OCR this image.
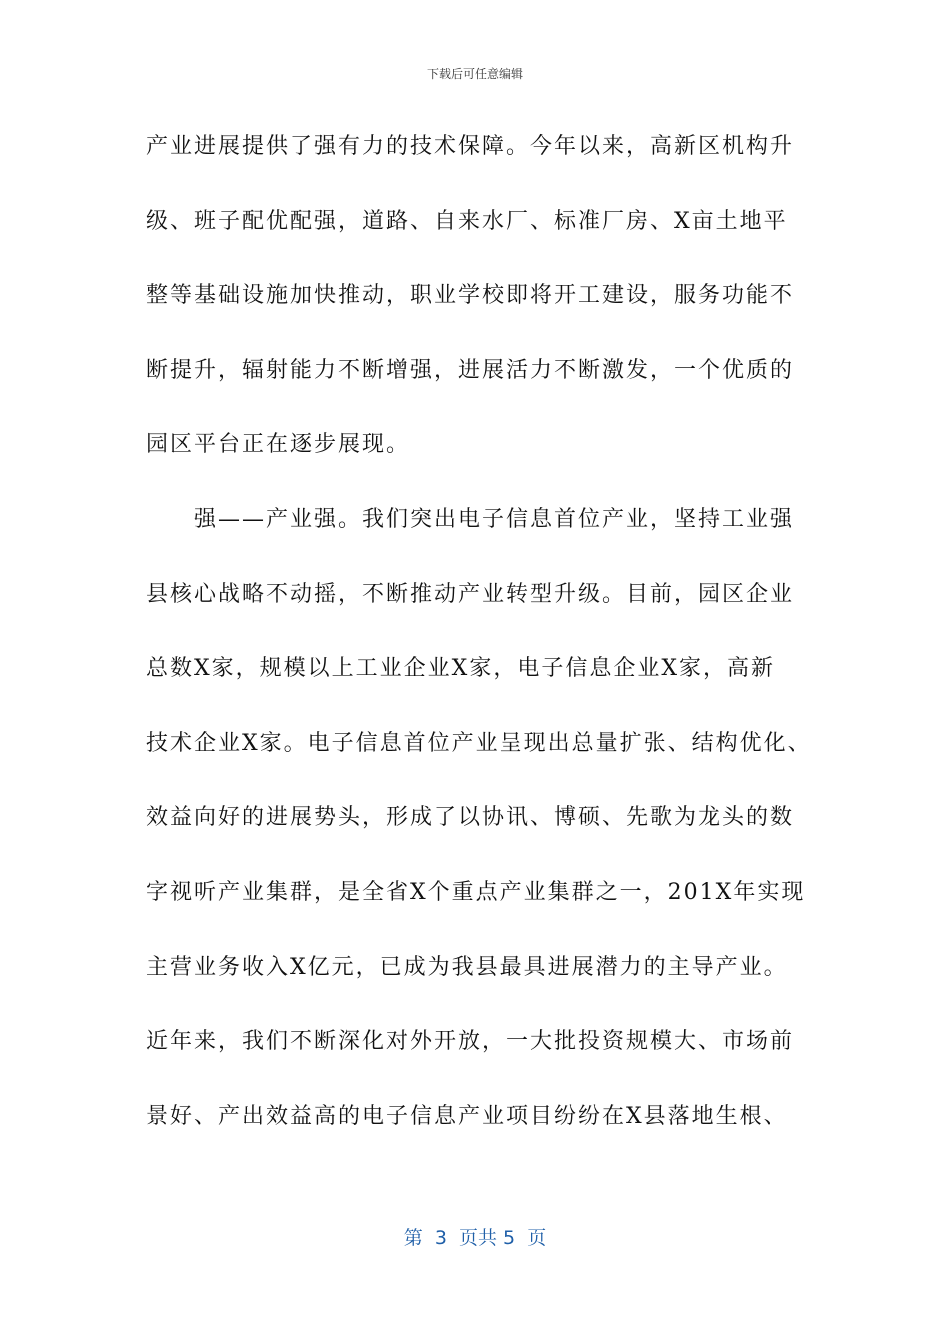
下载后可任意编辑
产业进展提供了强有力的技术保障。今年以来，高新区机构升
级、班子配优配强，道路、自来水厂、标准厂房、X亩土地平
整等基础设施加快推动，职业学校即将开工建设，服务功能不
断提升，辐射能力不断增强，进展活力不断激发，一个优质的
园区平台正在逐步展现。
强——产业强。我们突出电子信息首位产业，坚持工业强
县核心战略不动摇，不断推动产业转型升级。目前，园区企业
总数X家，规模以上工业企业X家，电子信息企业X家，高新
技术企业X家。电子信息首位产业呈现出总量扩张、结构优化、
效益向好的进展势头，形成了以协讯、博硕、先歌为龙头的数
字视听产业集群，是全省X个重点产业集群之一，201X年实现
主营业务收入X亿元，已成为我县最具进展潜力的主导产业。
近年来，我们不断深化对外开放，一大批投资规模大、市场前
景好、产出效益高的电子信息产业项目纷纷在X县落地生根、
第  3  页共 5  页
